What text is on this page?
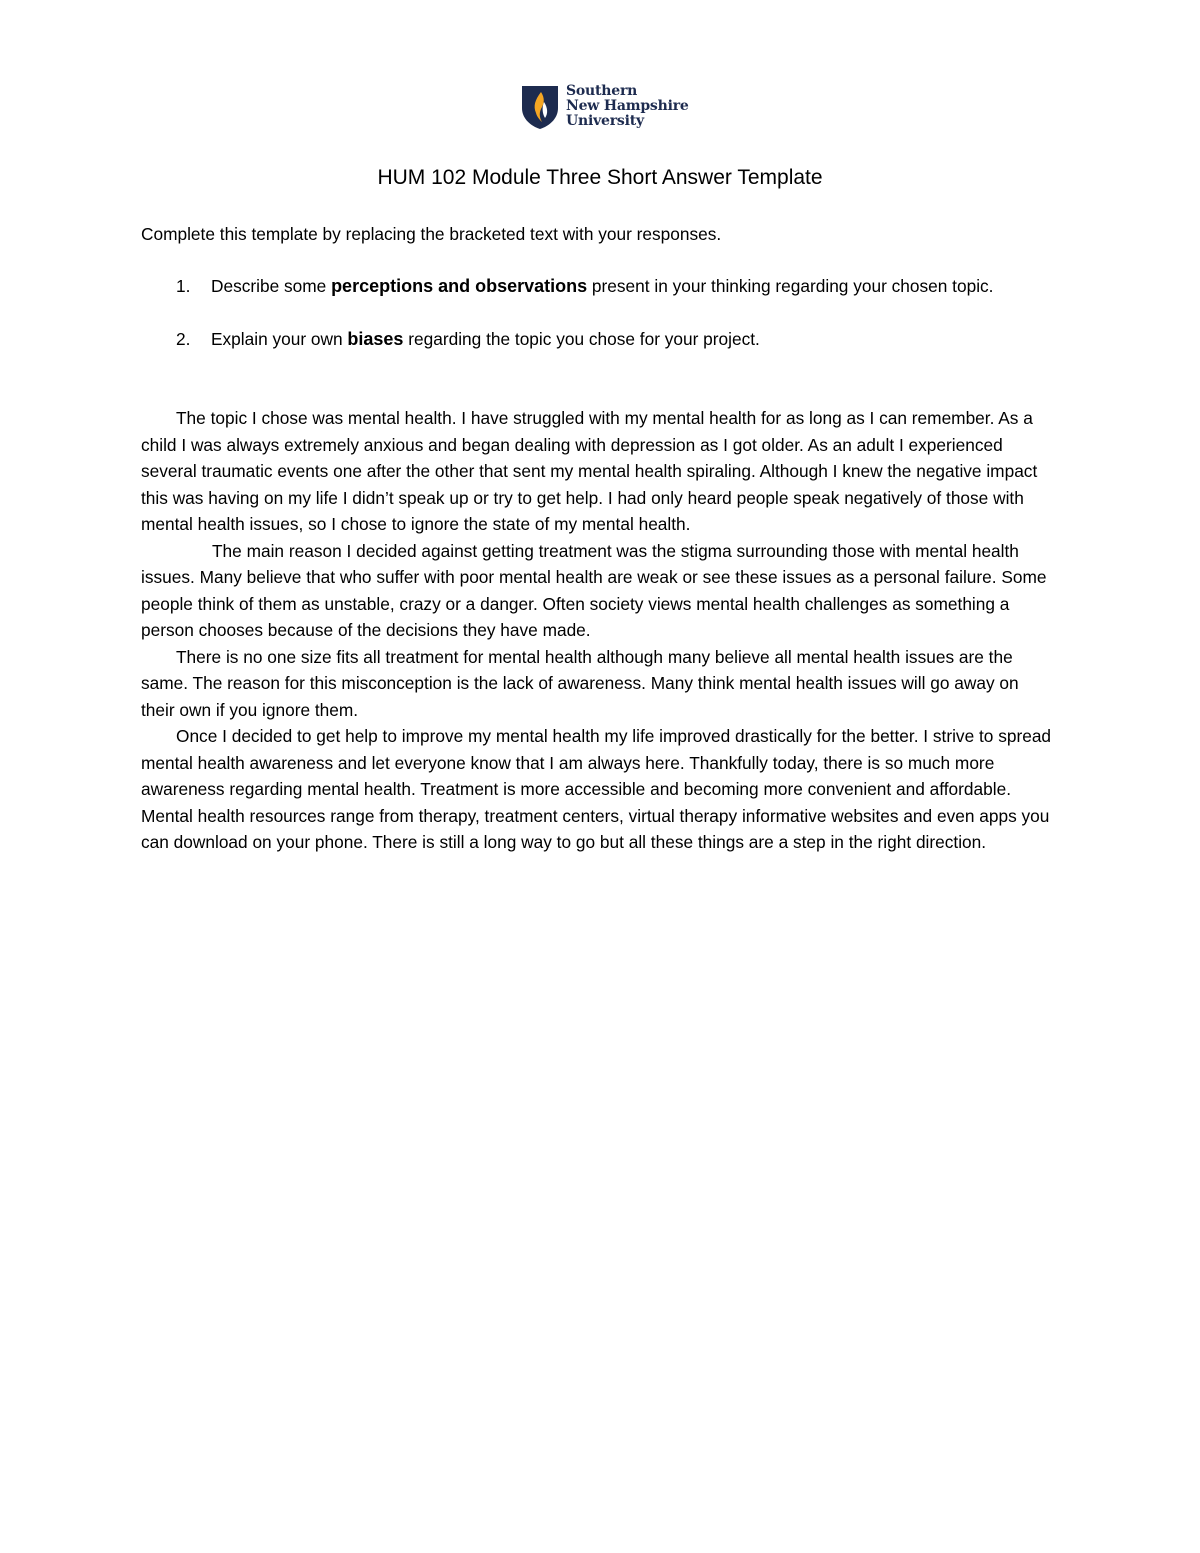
Southern
New Hampshire
University
HUM 102 Module Three Short Answer Template
Complete this template by replacing the bracketed text with your responses.
1. Describe some perceptions and observations present in your thinking regarding your chosen topic.
2. Explain your own biases regarding the topic you chose for your project.

The topic I chose was mental health. I have struggled with my mental health for as long as I can remember. As a child I was always extremely anxious and began dealing with depression as I got older. As an adult I experienced several traumatic events one after the other that sent my mental health spiraling. Although I knew the negative impact this was having on my life I didn’t speak up or try to get help. I had only heard people speak negatively of those with mental health issues, so I chose to ignore the state of my mental health.

The main reason I decided against getting treatment was the stigma surrounding those with mental health issues. Many believe that who suffer with poor mental health are weak or see these issues as a personal failure. Some people think of them as unstable, crazy or a danger. Often society views mental health challenges as something a person chooses because of the decisions they have made.

There is no one size fits all treatment for mental health although many believe all mental health issues are the same. The reason for this misconception is the lack of awareness. Many think mental health issues will go away on their own if you ignore them.

Once I decided to get help to improve my mental health my life improved drastically for the better. I strive to spread mental health awareness and let everyone know that I am always here. Thankfully today, there is so much more awareness regarding mental health. Treatment is more accessible and becoming more convenient and affordable. Mental health resources range from therapy, treatment centers, virtual therapy informative websites and even apps you can download on your phone. There is still a long way to go but all these things are a step in the right direction.
